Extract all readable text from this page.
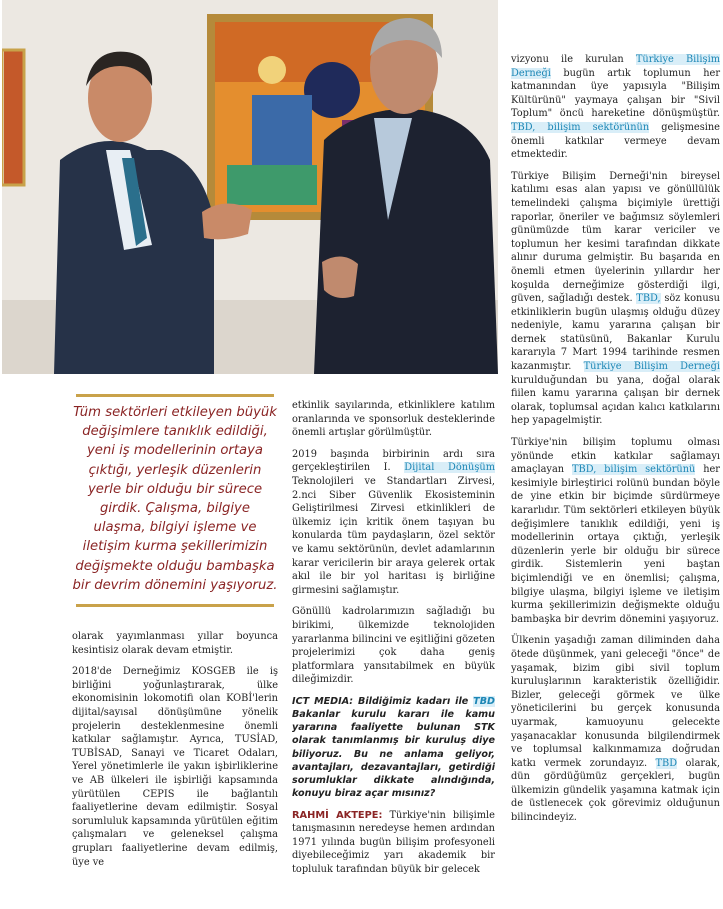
Tüm sektörleri etkileyen büyük değişimlere tanıklık edildiği, yeni iş modellerinin ortaya çıktığı, yerleşik düzenlerin yerle bir olduğu bir sürece girdik. Çalışma, bilgiye ulaşma, bilgiyi işleme ve iletişim kurma şekillerimizin değişmekte olduğu bambaşka bir devrim dönemini yaşıyoruz.

olarak yayımlanması yıllar boyunca kesintisiz olarak devam etmiştir.

2018'de Derneğimiz KOSGEB ile iş birliğini yoğunlaştırarak, ülke ekonomisinin lokomotifi olan KOBİ'lerin dijital/sayısal dönüşümüne yönelik projelerin desteklenmesine önemli katkılar sağlamıştır. Ayrıca, TUSİAD, TUBİSAD, Sanayi ve Ticaret Odaları, Yerel yönetimlerle ile yakın işbirliklerine ve AB ülkeleri ile işbirliği kapsamında yürütülen CEPIS ile bağlantılı faaliyetlerine devam edilmiştir. Sosyal sorumluluk kapsamında yürütülen eğitim çalışmaları ve geleneksel çalışma grupları faaliyetlerine devam edilmiş, üye ve

etkinlik sayılarında, etkinliklere katılım oranlarında ve sponsorluk desteklerinde önemli artışlar görülmüştür.

2019 başında birbirinin ardı sıra gerçekleştirilen I. Dijital Dönüşüm Teknolojileri ve Standartları Zirvesi, 2.nci Siber Güvenlik Ekosisteminin Geliştirilmesi Zirvesi etkinlikleri de ülkemiz için kritik önem taşıyan bu konularda tüm paydaşların, özel sektör ve kamu sektörünün, devlet adamlarının karar vericilerin bir araya gelerek ortak akıl ile bir yol haritası iş birliğine girmesini sağlamıştır.

Gönüllü kadrolarımızın sağladığı bu birikimi, ülkemizde teknolojiden yararlanma bilincini ve eşitliğini gözeten projelerimizi çok daha geniş platformlara yansıtabilmek en büyük dileğimizdir.

ICT MEDIA: Bildiğimiz kadarı ile TBD Bakanlar kurulu kararı ile kamu yararına faaliyette bulunan STK olarak tanımlanmış bir kuruluş diye biliyoruz. Bu ne anlama geliyor, avantajları, dezavantajları, getirdiği sorumluklar dikkate alındığında, konuyu biraz açar mısınız?

RAHMİ AKTEPE: Türkiye'nin bilişimle tanışmasının neredeyse hemen ardından 1971 yılında bugün bilişim profesyoneli diyebileceğimiz yarı akademik bir topluluk tarafından büyük bir gelecek

vizyonu ile kurulan Türkiye Bilişim Derneği bugün artık toplumun her katmanından üye yapısıyla "Bilişim Kültürünü" yaymaya çalışan bir "Sivil Toplum" öncü hareketine dönüşmüştür. TBD, bilişim sektörünün gelişmesine önemli katkılar vermeye devam etmektedir.

Türkiye Bilişim Derneği'nin bireysel katılımı esas alan yapısı ve gönüllülük temelindeki çalışma biçimiyle ürettiği raporlar, öneriler ve bağımsız söylemleri günümüzde tüm karar vericiler ve toplumun her kesimi tarafından dikkate alınır duruma gelmiştir. Bu başarıda en önemli etmen üyelerinin yıllardır her koşulda derneğimize gösterdiği ilgi, güven, sağladığı destek. TBD, söz konusu etkinliklerin bugün ulaşmış olduğu düzey nedeniyle, kamu yararına çalışan bir dernek statüsünü, Bakanlar Kurulu kararıyla 7 Mart 1994 tarihinde resmen kazanmıştır. Türkiye Bilişim Derneği kurulduğundan bu yana, doğal olarak fiilen kamu yararına çalışan bir dernek olarak, toplumsal açıdan kalıcı katkılarını hep yapagelmiştir.

Türkiye'nin bilişim toplumu olması yönünde etkin katkılar sağlamayı amaçlayan TBD, bilişim sektörünü her kesimiyle birleştirici rolünü bundan böyle de yine etkin bir biçimde sürdürmeye kararlıdır. Tüm sektörleri etkileyen büyük değişimlere tanıklık edildiği, yeni iş modellerinin ortaya çıktığı, yerleşik düzenlerin yerle bir olduğu bir sürece girdik. Sistemlerin yeni baştan biçimlendiği ve en önemlisi; çalışma, bilgiye ulaşma, bilgiyi işleme ve iletişim kurma şekillerimizin değişmekte olduğu bambaşka bir devrim dönemini yaşıyoruz.

Ülkenin yaşadığı zaman diliminden daha ötede düşünmek, yani geleceği "önce" de yaşamak, bizim gibi sivil toplum kuruluşlarının karakteristik özelliğidir. Bizler, geleceği görmek ve ülke yöneticilerini bu gerçek konusunda uyarmak, kamuoyunu gelecekte yaşanacaklar konusunda bilgilendirmek ve toplumsal kalkınmamıza doğrudan katkı vermek zorundayız. TBD olarak, dün gördüğümüz gerçekleri, bugün ülkemizin gündelik yaşamına katmak için de üstlenecek çok görevimiz olduğunun bilincindeyiz.
